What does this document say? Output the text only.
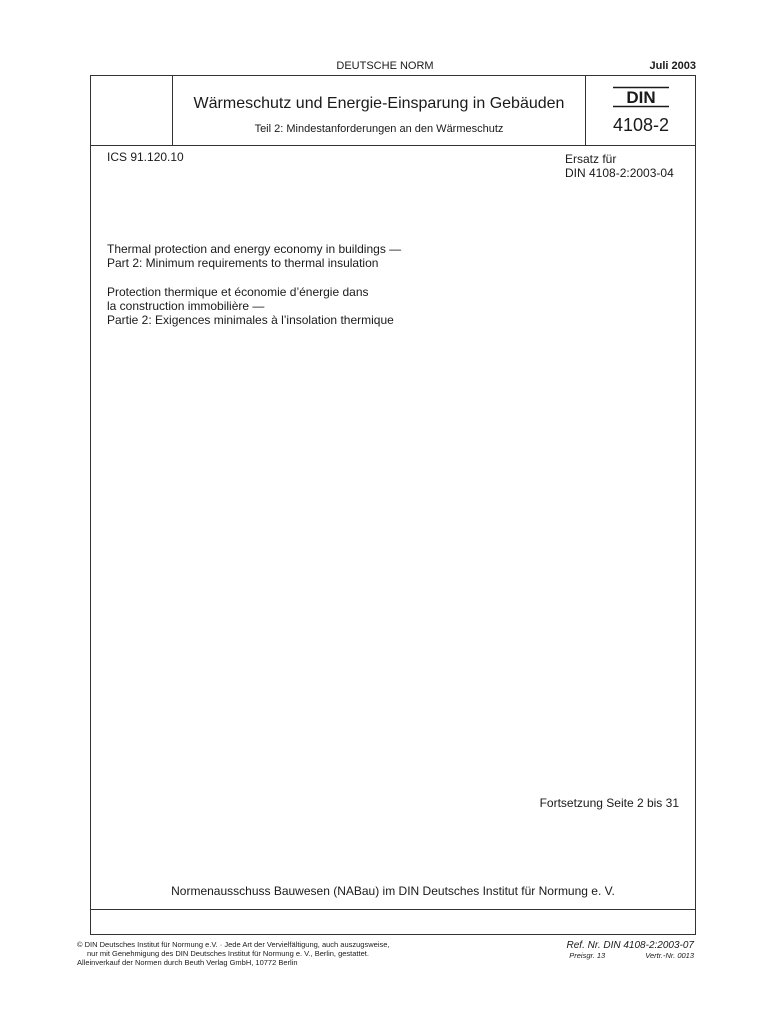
DEUTSCHE NORM	Juli 2003
Wärmeschutz und Energie-Einsparung in Gebäuden
Teil 2: Mindestanforderungen an den Wärmeschutz
DIN
4108-2
ICS 91.120.10	Ersatz für
DIN 4108-2:2003-04
Thermal protection and energy economy in buildings —
Part 2: Minimum requirements to thermal insulation
Protection thermique et économie d’énergie dans
la construction immobilière —
Partie 2: Exigences minimales à l’insolation thermique
Fortsetzung Seite 2 bis 31
Normenausschuss Bauwesen (NABau) im DIN Deutsches Institut für Normung e. V.
© DIN Deutsches Institut für Normung e.V. · Jede Art der Vervielfältigung, auch auszugsweise,
nur mit Genehmigung des DIN Deutsches Institut für Normung e. V., Berlin, gestattet.
Alleinverkauf der Normen durch Beuth Verlag GmbH, 10772 Berlin
Ref. Nr. DIN 4108-2:2003-07
Preisgr. 13	Vertr.-Nr. 0013
